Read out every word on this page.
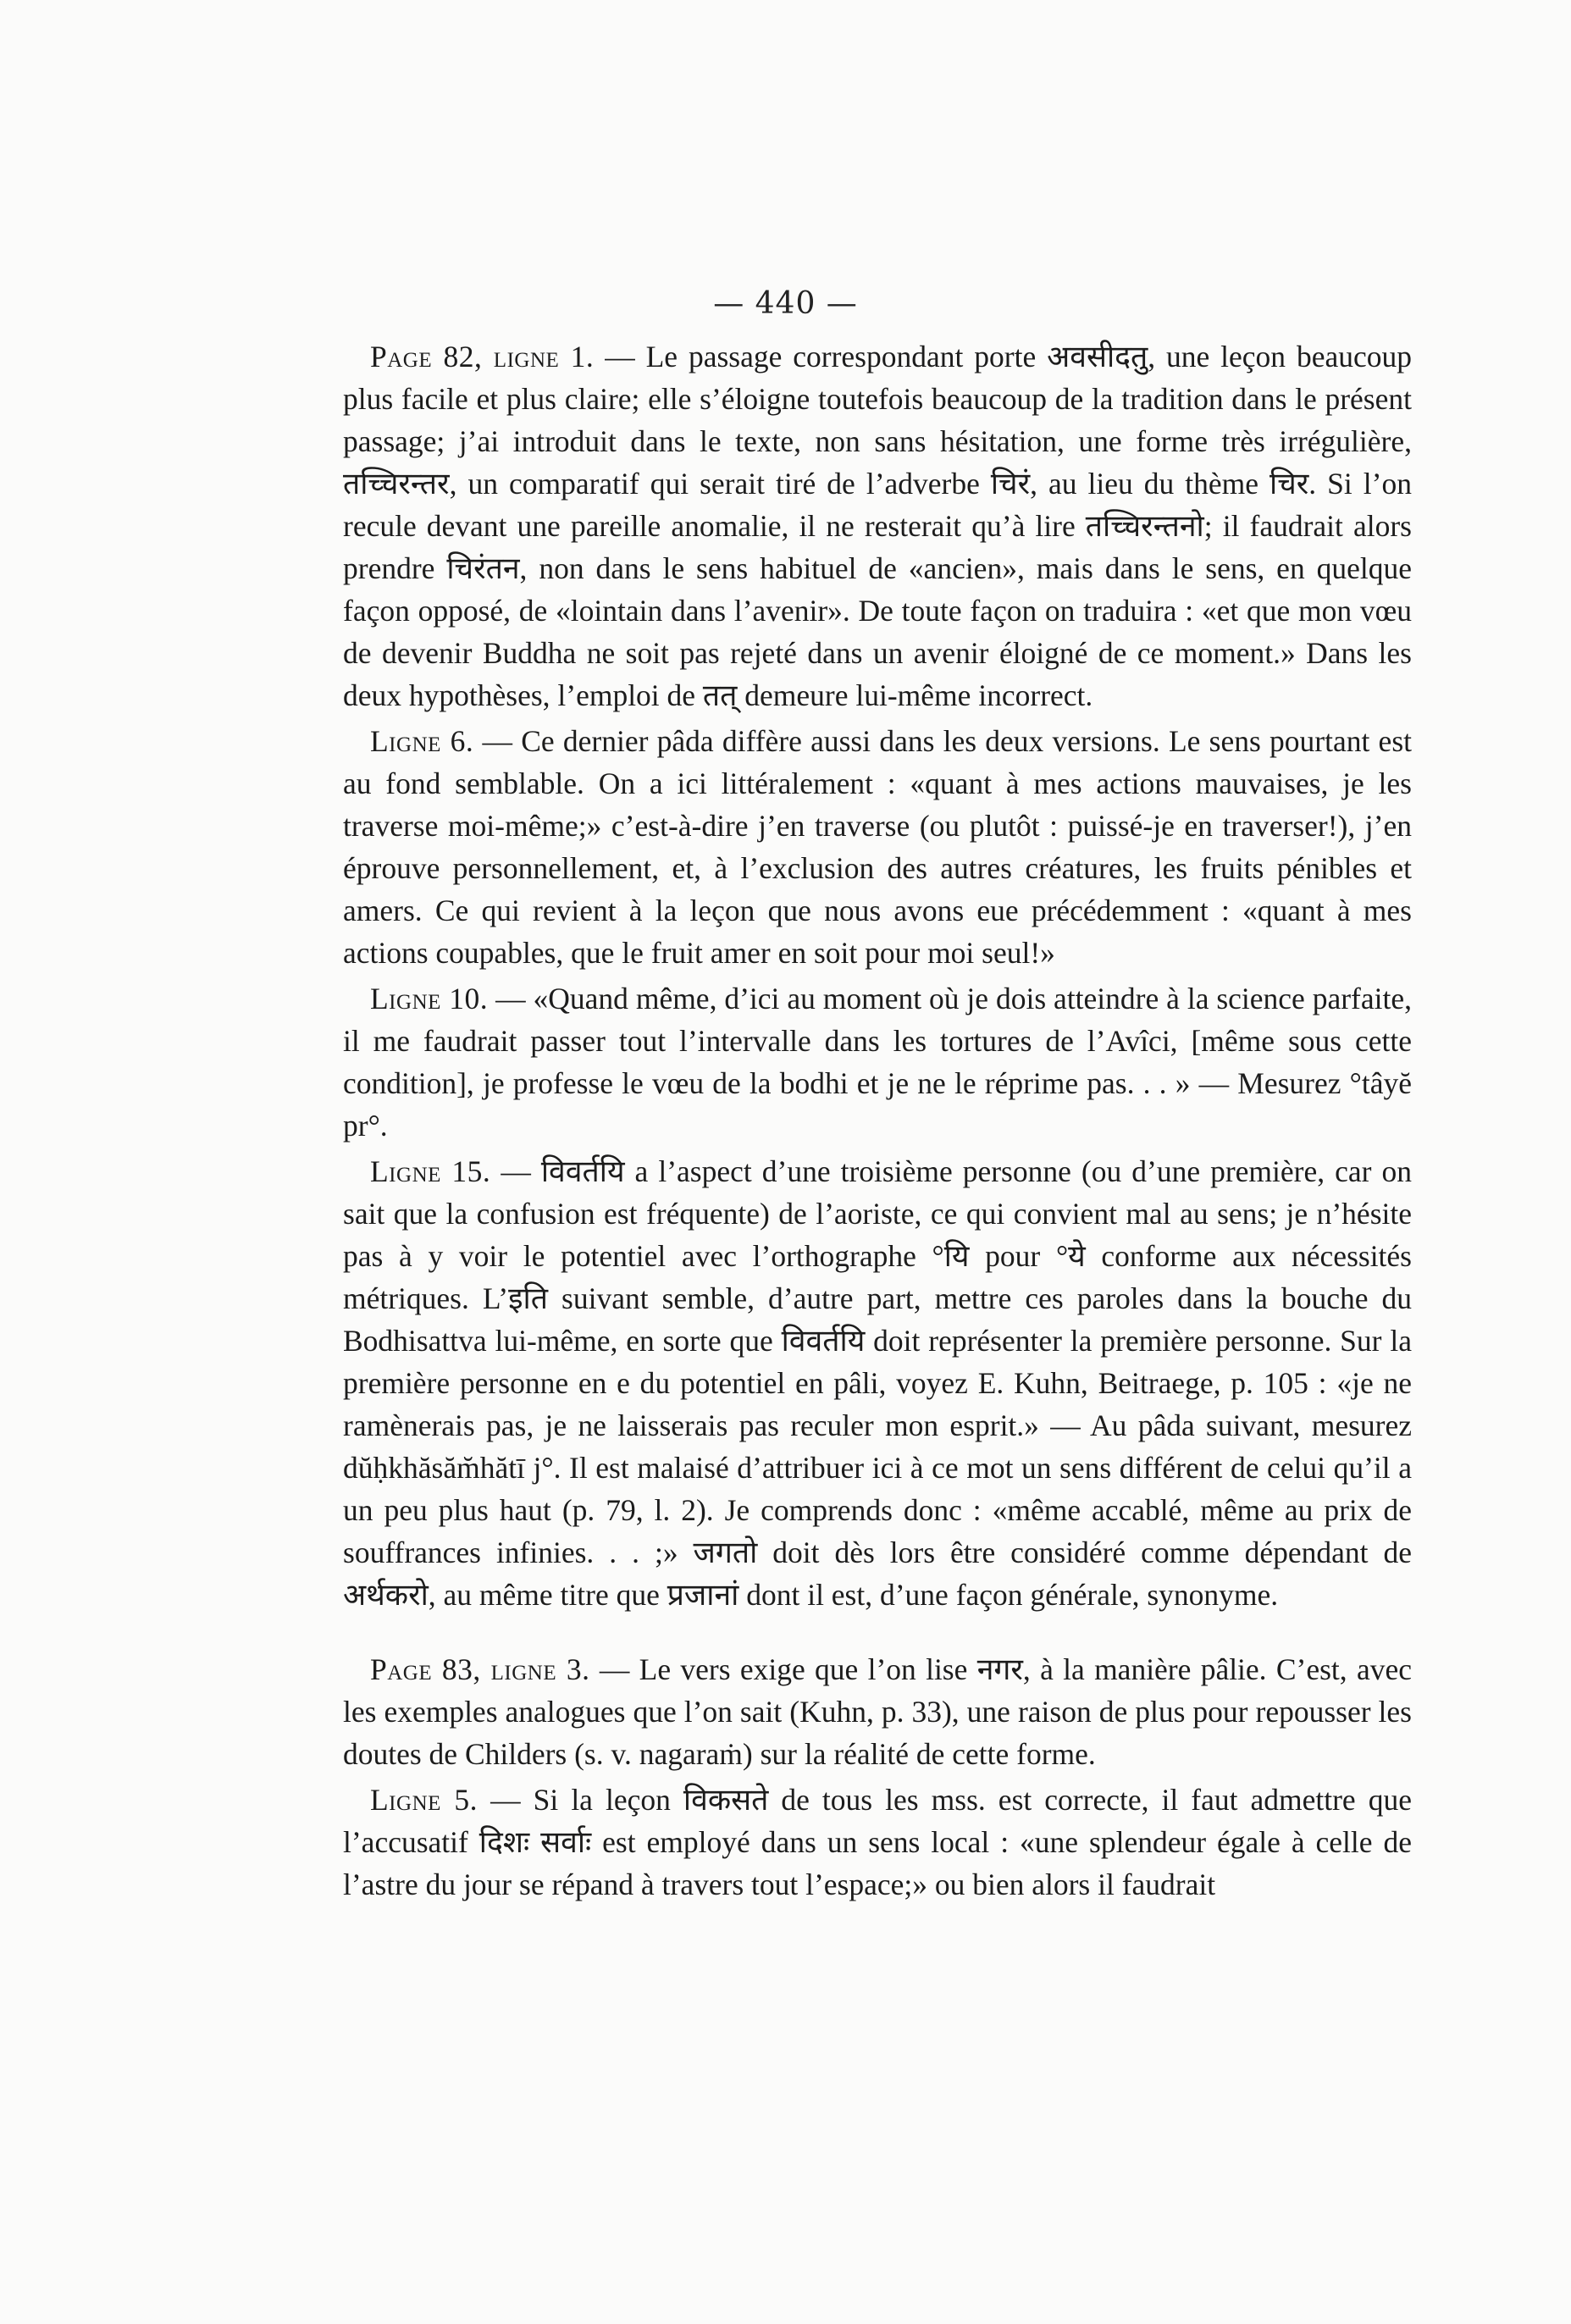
— 440 —

Page 82, ligne 1. — Le passage correspondant porte अवसीदतु, une leçon beaucoup plus facile et plus claire; elle s’éloigne toutefois beaucoup de la tradition dans le présent passage; j’ai introduit dans le texte, non sans hésitation, une forme très irrégulière, तच्चिरन्तर, un comparatif qui serait tiré de l’adverbe चिरं, au lieu du thème चिर. Si l’on recule devant une pareille anomalie, il ne resterait qu’à lire तच्चिरन्तनो; il faudrait alors prendre चिरंतन, non dans le sens habituel de «ancien», mais dans le sens, en quelque façon opposé, de «lointain dans l’avenir». De toute façon on traduira : «et que mon vœu de devenir Buddha ne soit pas rejeté dans un avenir éloigné de ce moment.» Dans les deux hypothèses, l’emploi de तत् demeure lui-même incorrect.

Ligne 6. — Ce dernier pâda diffère aussi dans les deux versions. Le sens pourtant est au fond semblable. On a ici littéralement : «quant à mes actions mauvaises, je les traverse moi-même;» c’est-à-dire j’en traverse (ou plutôt : puissé-je en traverser!), j’en éprouve personnellement, et, à l’exclusion des autres créatures, les fruits pénibles et amers. Ce qui revient à la leçon que nous avons eue précédemment : «quant à mes actions coupables, que le fruit amer en soit pour moi seul!»

Ligne 10. — «Quand même, d’ici au moment où je dois atteindre à la science parfaite, il me faudrait passer tout l’intervalle dans les tortures de l’Avîci, [même sous cette condition], je professe le vœu de la bodhi et je ne le réprime pas. . . » — Mesurez °tâyĕ pr°.

Ligne 15. — विवर्तयि a l’aspect d’une troisième personne (ou d’une première, car on sait que la confusion est fréquente) de l’aoriste, ce qui convient mal au sens; je n’hésite pas à y voir le potentiel avec l’orthographe °यि pour °ये conforme aux nécessités métriques. L’इति suivant semble, d’autre part, mettre ces paroles dans la bouche du Bodhisattva lui-même, en sorte que विवर्तयि doit représenter la première personne. Sur la première personne en e du potentiel en pâli, voyez E. Kuhn, Beitraege, p. 105 : «je ne ramènerais pas, je ne laisserais pas reculer mon esprit.» — Au pâda suivant, mesurez dŭḥkhăsăm̆hătī j°. Il est malaisé d’attribuer ici à ce mot un sens différent de celui qu’il a un peu plus haut (p. 79, l. 2). Je comprends donc : «même accablé, même au prix de souffrances infinies. . . ;» जगतो doit dès lors être considéré comme dépendant de अर्थकरो, au même titre que प्रजानां dont il est, d’une façon générale, synonyme.

Page 83, ligne 3. — Le vers exige que l’on lise नगर, à la manière pâlie. C’est, avec les exemples analogues que l’on sait (Kuhn, p. 33), une raison de plus pour repousser les doutes de Childers (s. v. nagaraṁ) sur la réalité de cette forme.

Ligne 5. — Si la leçon विकसते de tous les mss. est correcte, il faut admettre que l’accusatif दिशः सर्वाः est employé dans un sens local : «une splendeur égale à celle de l’astre du jour se répand à travers tout l’espace;» ou bien alors il faudrait
